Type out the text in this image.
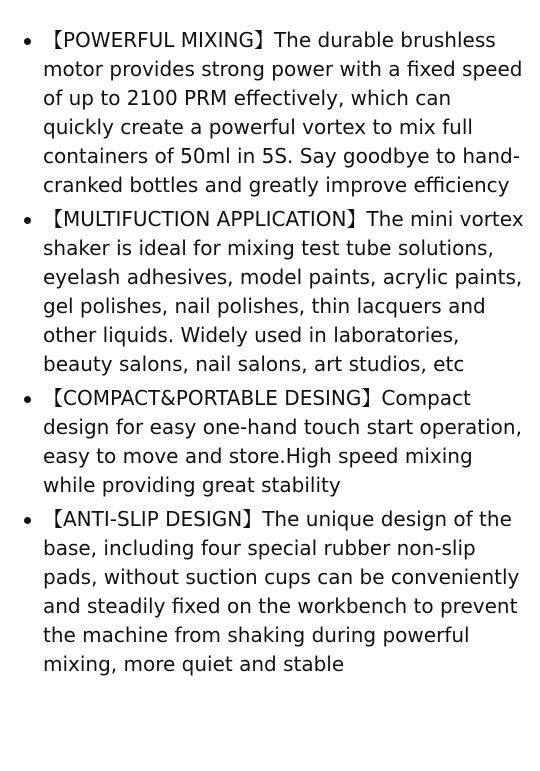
【POWERFUL MIXING】The durable brushless motor provides strong power with a fixed speed of up to 2100 PRM effectively, which can quickly create a powerful vortex to mix full containers of 50ml in 5S. Say goodbye to hand-cranked bottles and greatly improve efficiency
【MULTIFUCTION APPLICATION】The mini vortex shaker is ideal for mixing test tube solutions, eyelash adhesives, model paints, acrylic paints, gel polishes, nail polishes, thin lacquers and other liquids. Widely used in laboratories, beauty salons, nail salons, art studios, etc
【COMPACT&PORTABLE DESING】Compact design for easy one-hand touch start operation, easy to move and store.High speed mixing while providing great stability
【ANTI-SLIP DESIGN】The unique design of the base, including four special rubber non-slip pads, without suction cups can be conveniently and steadily fixed on the workbench to prevent the machine from shaking during powerful mixing, more quiet and stable
